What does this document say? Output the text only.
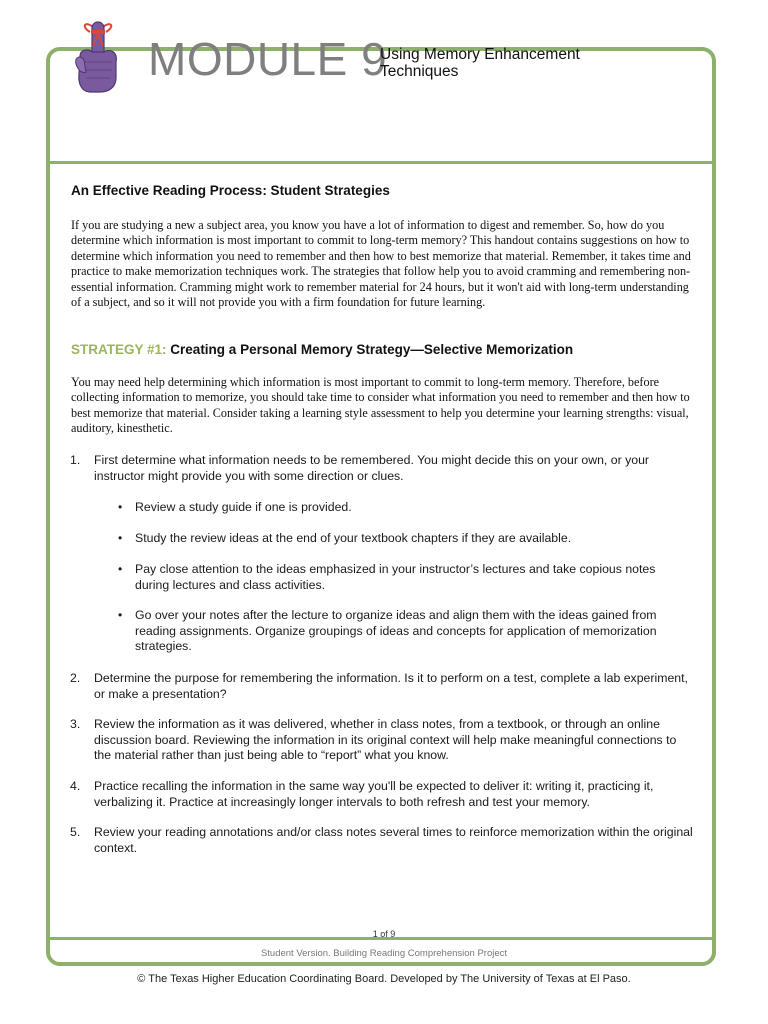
MODULE 9
Using Memory Enhancement Techniques
An Effective Reading Process: Student Strategies

If you are studying a new a subject area, you know you have a lot of information to digest and remember. So, how do you determine which information is most important to commit to long-term memory? This handout contains suggestions on how to determine which information you need to remember and then how to best memorize that material. Remember, it takes time and practice to make memorization techniques work. The strategies that follow help you to avoid cramming and remembering non-essential information. Cramming might work to remember material for 24 hours, but it won't aid with long-term understanding of a subject, and so it will not provide you with a firm foundation for future learning.

STRATEGY #1: Creating a Personal Memory Strategy—Selective Memorization

You may need help determining which information is most important to commit to long-term memory. Therefore, before collecting information to memorize, you should take time to consider what information you need to remember and then how to best memorize that material. Consider taking a learning style assessment to help you determine your learning strengths: visual, auditory, kinesthetic.

1. First determine what information needs to be remembered. You might decide this on your own, or your instructor might provide you with some direction or clues.

• Review a study guide if one is provided.

• Study the review ideas at the end of your textbook chapters if they are available.

• Pay close attention to the ideas emphasized in your instructor’s lectures and take copious notes during lectures and class activities.

• Go over your notes after the lecture to organize ideas and align them with the ideas gained from reading assignments. Organize groupings of ideas and concepts for application of memorization strategies.

2. Determine the purpose for remembering the information. Is it to perform on a test, complete a lab experiment, or make a presentation?

3. Review the information as it was delivered, whether in class notes, from a textbook, or through an online discussion board. Reviewing the information in its original context will help make meaningful connections to the material rather than just being able to “report” what you know.

4. Practice recalling the information in the same way you'll be expected to deliver it: writing it, practicing it, verbalizing it. Practice at increasingly longer intervals to both refresh and test your memory.

5. Review your reading annotations and/or class notes several times to reinforce memorization within the original context.

1 of 9
Student Version. Building Reading Comprehension Project
© The Texas Higher Education Coordinating Board. Developed by The University of Texas at El Paso.
